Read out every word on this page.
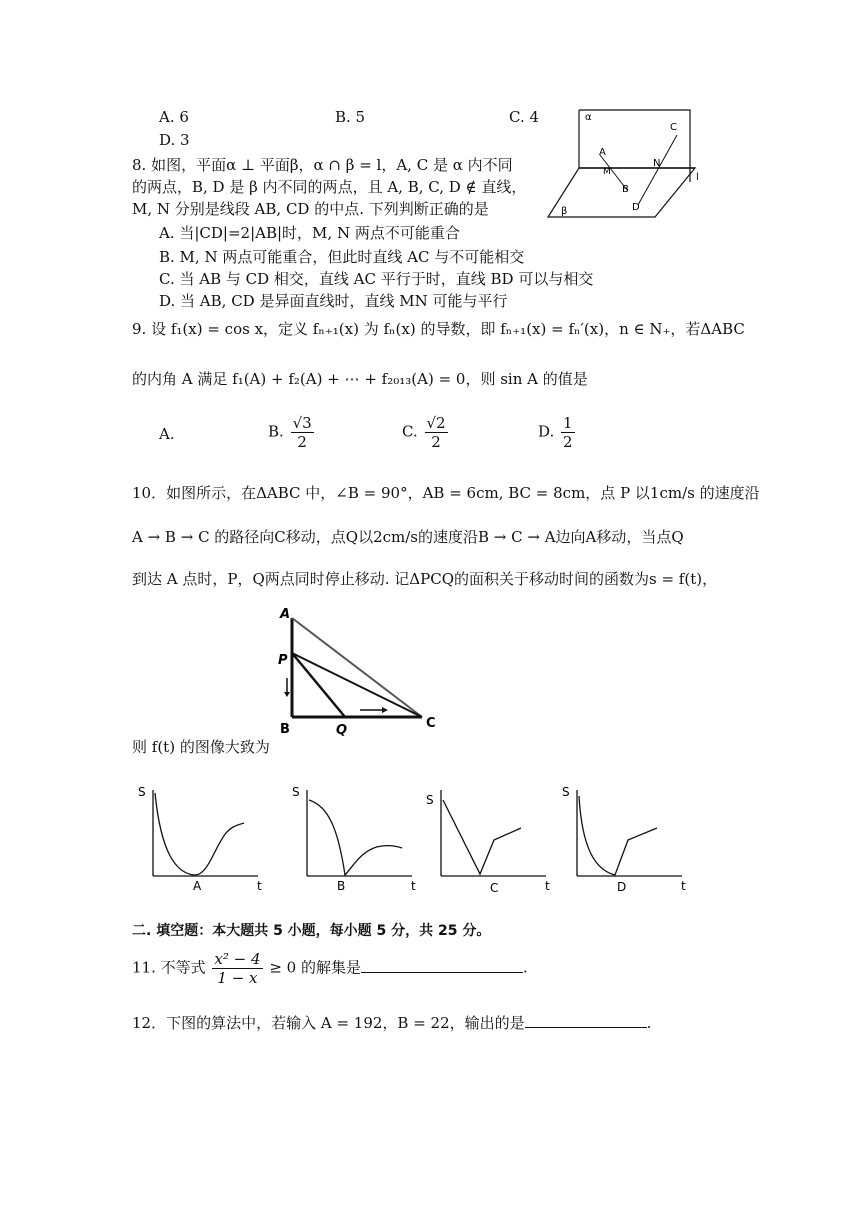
A. 6	B. 5	C. 4
D. 3
8. 如图，平面α ⊥ 平面β，α ∩ β = l，A, C 是 α 内不同
的两点，B, D 是 β 内不同的两点，且 A, B, C, D ∉ 直线，
M, N 分别是线段 AB, CD 的中点. 下列判断正确的是
A. 当|CD|=2|AB|时，M, N 两点不可能重合
B. M, N 两点可能重合，但此时直线 AC 与不可能相交
C. 当 AB 与 CD 相交，直线 AC 平行于时，直线 BD 可以与相交
D. 当 AB, CD 是异面直线时，直线 MN 可能与平行
α
C
A
N
M	l
B
D
β
9. 设 f₁(x) = cos x，定义 fₙ₊₁(x) 为 fₙ(x) 的导数，即 fₙ₊₁(x) = fₙ′(x)，n ∈ N₊，若ΔABC
的内角 A 满足 f₁(A) + f₂(A) + ⋯ + f₂₀₁₃(A) = 0，则 sin A 的值是
A.	B. $\frac{√3}{2}$	C. $\frac{√2}{2}$	D. $\frac{1}{2}$
10．如图所示，在ΔABC 中，∠B = 90°，AB = 6cm, BC = 8cm，点 P 以1cm/s 的速度沿
A → B → C 的路径向C移动，点Q以2cm/s的速度沿B → C → A边向A移动，当点Q
到达 A 点时，P，Q两点同时停止移动. 记ΔPCQ的面积关于移动时间的函数为s = f(t)，
A
P
B	Q	C
则 f(t) 的图像大致为
S
t
A
S
t
B
S
t
C
S
t
D
二. 填空题：本大题共 5 小题，每小题 5 分，共 25 分。
11. 不等式 $\frac{\text{x² − 4}}{1 - x} \ge 0$ 的解集是	.
12．下图的算法中，若输入 A = 192，B = 22，输出的是	.
